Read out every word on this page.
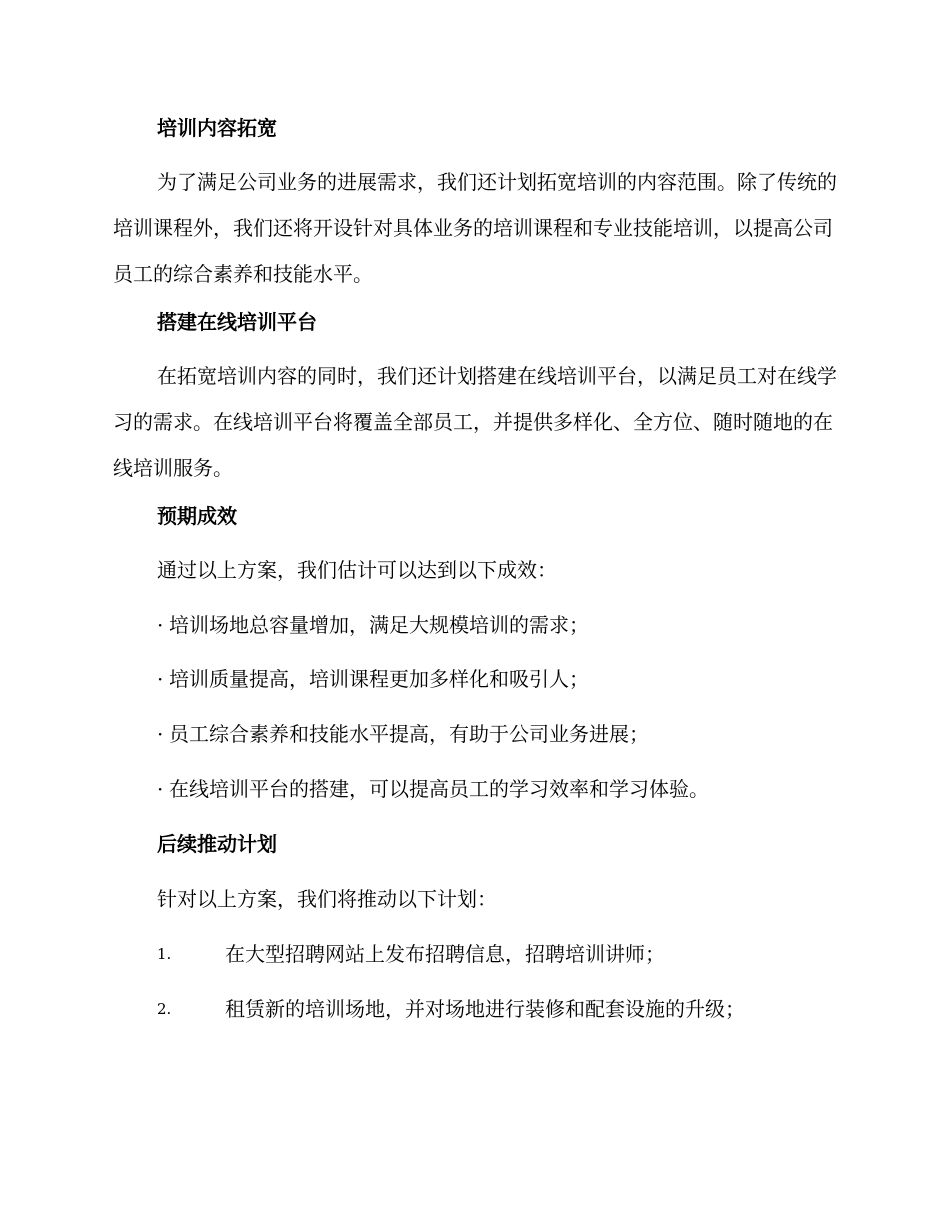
培训内容拓宽
为了满足公司业务的进展需求，我们还计划拓宽培训的内容范围。除了传统的培训课程外，我们还将开设针对具体业务的培训课程和专业技能培训，以提高公司员工的综合素养和技能水平。
搭建在线培训平台
在拓宽培训内容的同时，我们还计划搭建在线培训平台，以满足员工对在线学习的需求。在线培训平台将覆盖全部员工，并提供多样化、全方位、随时随地的在线培训服务。
预期成效
通过以上方案，我们估计可以达到以下成效：
· 培训场地总容量增加，满足大规模培训的需求；
· 培训质量提高，培训课程更加多样化和吸引人；
· 员工综合素养和技能水平提高，有助于公司业务进展；
· 在线培训平台的搭建，可以提高员工的学习效率和学习体验。
后续推动计划
针对以上方案，我们将推动以下计划：
1.	在大型招聘网站上发布招聘信息，招聘培训讲师；
2.	租赁新的培训场地，并对场地进行装修和配套设施的升级；
